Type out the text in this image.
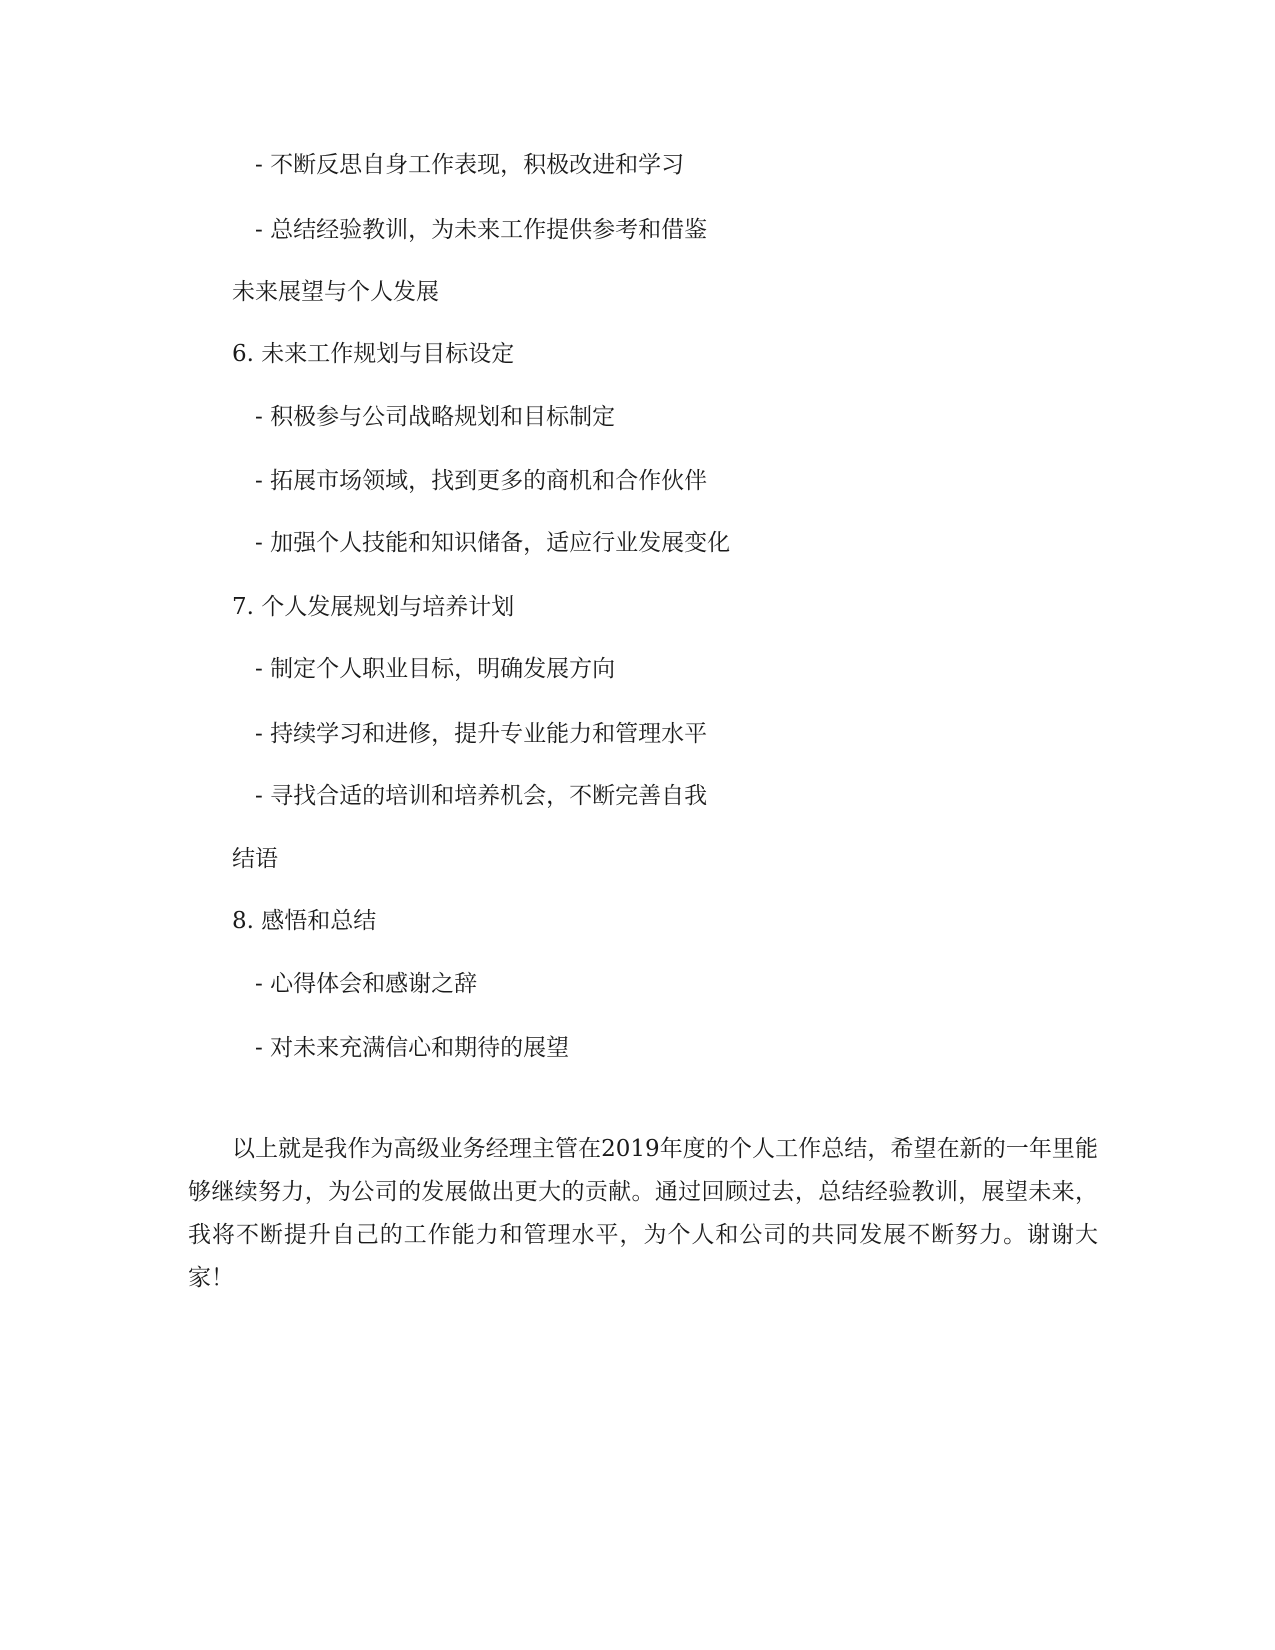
- 不断反思自身工作表现，积极改进和学习
- 总结经验教训，为未来工作提供参考和借鉴
未来展望与个人发展
6. 未来工作规划与目标设定
- 积极参与公司战略规划和目标制定
- 拓展市场领域，找到更多的商机和合作伙伴
- 加强个人技能和知识储备，适应行业发展变化
7. 个人发展规划与培养计划
- 制定个人职业目标，明确发展方向
- 持续学习和进修，提升专业能力和管理水平
- 寻找合适的培训和培养机会，不断完善自我
结语
8. 感悟和总结
- 心得体会和感谢之辞
- 对未来充满信心和期待的展望

以上就是我作为高级业务经理主管在2019年度的个人工作总结，希望在新的一年里能够继续努力，为公司的发展做出更大的贡献。通过回顾过去，总结经验教训，展望未来，我将不断提升自己的工作能力和管理水平，为个人和公司的共同发展不断努力。谢谢大家！
